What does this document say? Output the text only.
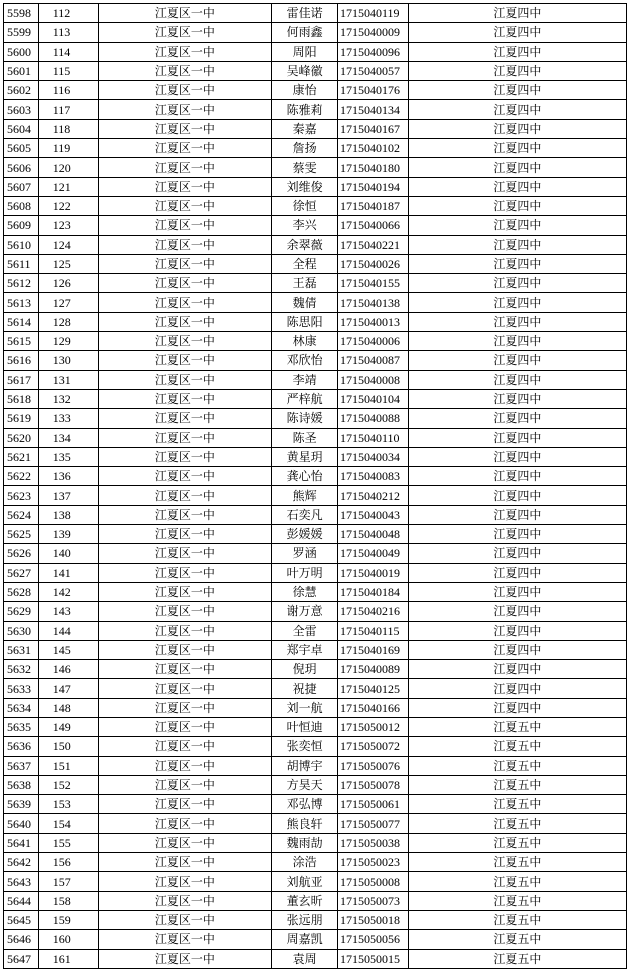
5598	112	江夏区一中	雷佳诺	1715040119	江夏四中
5599	113	江夏区一中	何雨鑫	1715040009	江夏四中
5600	114	江夏区一中	周阳	1715040096	江夏四中
5601	115	江夏区一中	吴峰徽	1715040057	江夏四中
5602	116	江夏区一中	康怡	1715040176	江夏四中
5603	117	江夏区一中	陈雅莉	1715040134	江夏四中
5604	118	江夏区一中	秦嘉	1715040167	江夏四中
5605	119	江夏区一中	詹扬	1715040102	江夏四中
5606	120	江夏区一中	蔡雯	1715040180	江夏四中
5607	121	江夏区一中	刘维俊	1715040194	江夏四中
5608	122	江夏区一中	徐恒	1715040187	江夏四中
5609	123	江夏区一中	李兴	1715040066	江夏四中
5610	124	江夏区一中	余翠薇	1715040221	江夏四中
5611	125	江夏区一中	全程	1715040026	江夏四中
5612	126	江夏区一中	王磊	1715040155	江夏四中
5613	127	江夏区一中	魏倩	1715040138	江夏四中
5614	128	江夏区一中	陈思阳	1715040013	江夏四中
5615	129	江夏区一中	林康	1715040006	江夏四中
5616	130	江夏区一中	邓欣怡	1715040087	江夏四中
5617	131	江夏区一中	李靖	1715040008	江夏四中
5618	132	江夏区一中	严梓航	1715040104	江夏四中
5619	133	江夏区一中	陈诗媛	1715040088	江夏四中
5620	134	江夏区一中	陈圣	1715040110	江夏四中
5621	135	江夏区一中	黄星玥	1715040034	江夏四中
5622	136	江夏区一中	龚心怡	1715040083	江夏四中
5623	137	江夏区一中	熊辉	1715040212	江夏四中
5624	138	江夏区一中	石奕凡	1715040043	江夏四中
5625	139	江夏区一中	彭媛媛	1715040048	江夏四中
5626	140	江夏区一中	罗涵	1715040049	江夏四中
5627	141	江夏区一中	叶万明	1715040019	江夏四中
5628	142	江夏区一中	徐慧	1715040184	江夏四中
5629	143	江夏区一中	谢万意	1715040216	江夏四中
5630	144	江夏区一中	全雷	1715040115	江夏四中
5631	145	江夏区一中	郑宇卓	1715040169	江夏四中
5632	146	江夏区一中	倪玥	1715040089	江夏四中
5633	147	江夏区一中	祝捷	1715040125	江夏四中
5634	148	江夏区一中	刘一航	1715040166	江夏四中
5635	149	江夏区一中	叶恒迪	1715050012	江夏五中
5636	150	江夏区一中	张奕恒	1715050072	江夏五中
5637	151	江夏区一中	胡博宇	1715050076	江夏五中
5638	152	江夏区一中	方昊天	1715050078	江夏五中
5639	153	江夏区一中	邓弘博	1715050061	江夏五中
5640	154	江夏区一中	熊良轩	1715050077	江夏五中
5641	155	江夏区一中	魏雨劼	1715050038	江夏五中
5642	156	江夏区一中	涂浩	1715050023	江夏五中
5643	157	江夏区一中	刘航亚	1715050008	江夏五中
5644	158	江夏区一中	董玄昕	1715050073	江夏五中
5645	159	江夏区一中	张远朋	1715050018	江夏五中
5646	160	江夏区一中	周嘉凯	1715050056	江夏五中
5647	161	江夏区一中	袁周	1715050015	江夏五中
